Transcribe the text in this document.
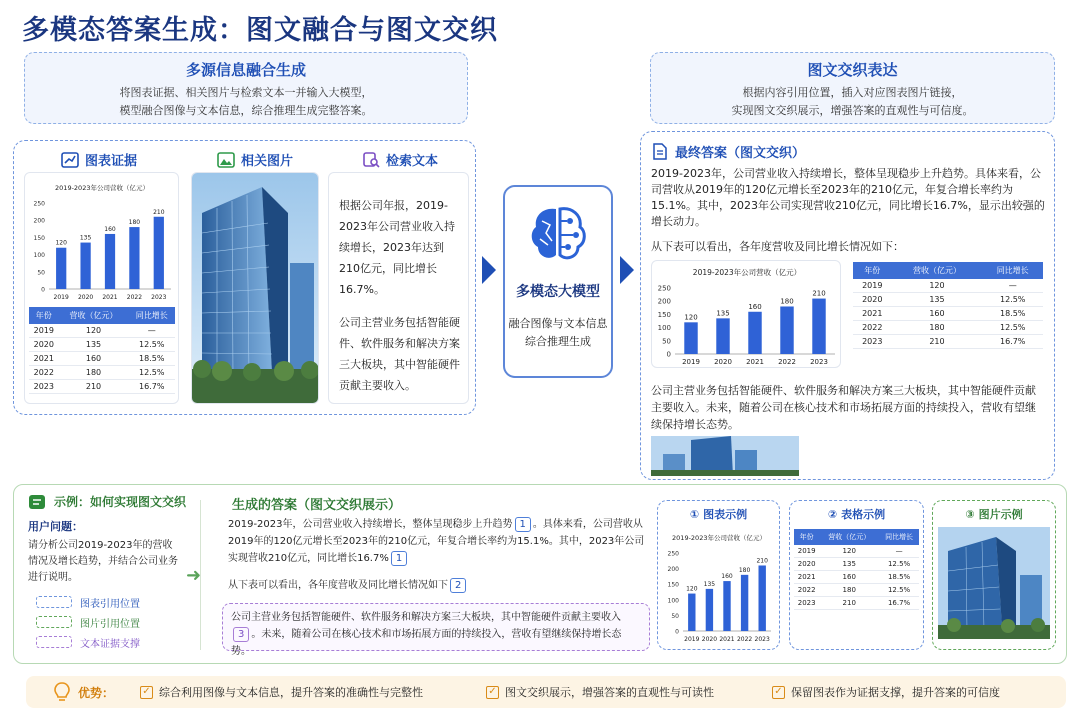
多模态答案生成：图文融合与图文交织
多源信息融合生成
将图表证据、相关图片与检索文本一并输入大模型，
模型融合图像与文本信息，综合推理生成完整答案。
图文交织表达
根据内容引用位置，插入对应图表图片链接，
实现图文交织展示，增强答案的直观性与可信度。
图表证据	相关图片	检索文本
2019-2023年公司营收（亿元）
0
50
100
150
200
250
120
2019
135
2020
160
2021
180
2022
210
2023
年份	营收（亿元）	同比增长
2019	120	—
2020	135	12.5%
2021	160	18.5%
2022	180	12.5%
2023	210	16.7%

根据公司年报，2019-2023年公司营业收入持续增长，2023年达到210亿元，同比增长16.7%。

公司主营业务包括智能硬件、软件服务和解决方案三大板块，其中智能硬件贡献主要收入。

多模态大模型
融合图像与文本信息
综合推理生成
最终答案（图文交织）

2019-2023年，公司营业收入持续增长，整体呈现稳步上升趋势。具体来看，公司营收从2019年的120亿元增长至2023年的210亿元，年复合增长率约为15.1%。其中，2023年公司实现营收210亿元，同比增长16.7%，显示出较强的增长动力。

从下表可以看出，各年度营收及同比增长情况如下：

2019-2023年公司营收（亿元）
0
50
100
150
200
250
120
2019
135
2020
160
2021
180
2022
210
2023
年份	营收（亿元）	同比增长
2019	120	—
2020	135	12.5%
2021	160	18.5%
2022	180	12.5%
2023	210	16.7%

公司主营业务包括智能硬件、软件服务和解决方案三大板块，其中智能硬件贡献主要收入。未来，随着公司在核心技术和市场拓展方面的持续投入，营收有望继续保持增长态势。

示例：如何实现图文交织
用户问题：
请分析公司2019-2023年的营收情况及增长趋势，并结合公司业务进行说明。
图表引用位置
图片引用位置
文本证据支撑
➜
生成的答案（图文交织展示）
2019-2023年，公司营业收入持续增长，整体呈现稳步上升趋势 1 。具体来看，公司营收从2019年的120亿元增长至2023年的210亿元，年复合增长率约为15.1%。其中，2023年公司实现营收210亿元，同比增长16.7% 1
从下表可以看出，各年度营收及同比增长情况如下 2
公司主营业务包括智能硬件、软件服务和解决方案三大板块，其中智能硬件贡献主要收入3 。未来，随着公司在核心技术和市场拓展方面的持续投入，营收有望继续保持增长态势。
① 图表示例
2019-2023年公司营收（亿元）
0
50
100
150
200
250
120
2019
135
2020
160
2021
180
2022
210
2023
② 表格示例
年份	营收（亿元）	同比增长
2019	120	—
2020	135	12.5%
2021	160	18.5%
2022	180	12.5%
2023	210	16.7%
③ 图片示例
优势：	✓ 综合利用图像与文本信息，提升答案的准确性与完整性	✓ 图文交织展示，增强答案的直观性与可读性	✓ 保留图表作为证据支撑，提升答案的可信度
